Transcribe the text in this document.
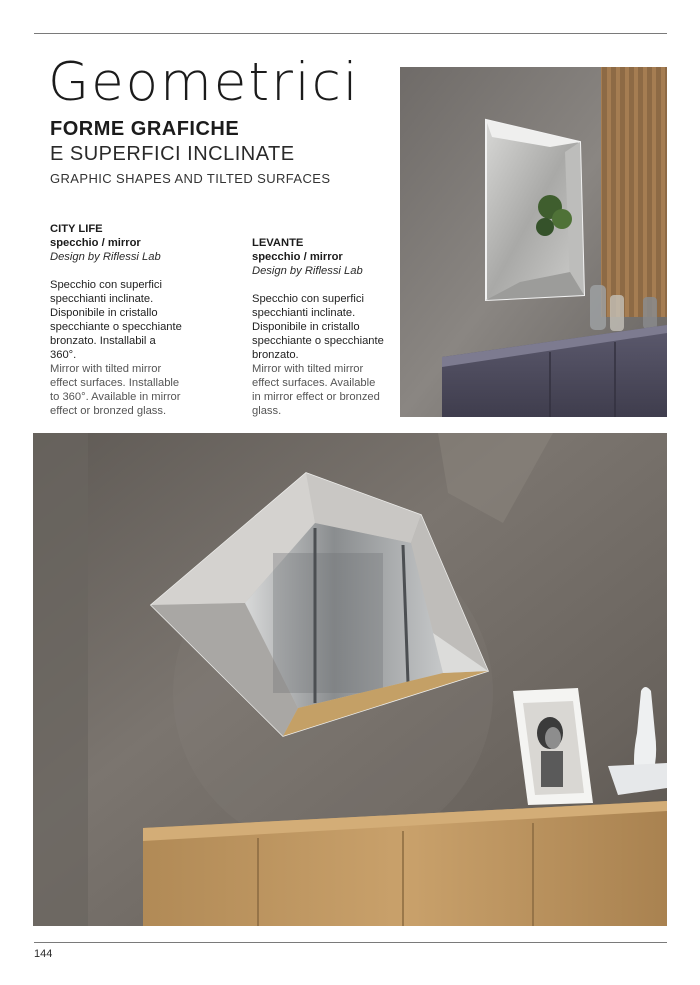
Geometrici
FORME GRAFICHE
E SUPERFICI INCLINATE
GRAPHIC SHAPES AND TILTED SURFACES
CITY LIFE
specchio / mirror
Design by Riflessi Lab
Specchio con superfici
specchianti inclinate.
Disponibile in cristallo
specchiante o specchiante
bronzato. Installabil a
360°.
Mirror with tilted mirror
effect surfaces. Installable
to 360°. Available in mirror
effect or bronzed glass.
LEVANTE
specchio / mirror
Design by Riflessi Lab
Specchio con superfici
specchianti inclinate.
Disponibile in cristallo
specchiante o specchiante
bronzato.
Mirror with tilted mirror
effect surfaces. Available
in mirror effect or bronzed
glass.
144
